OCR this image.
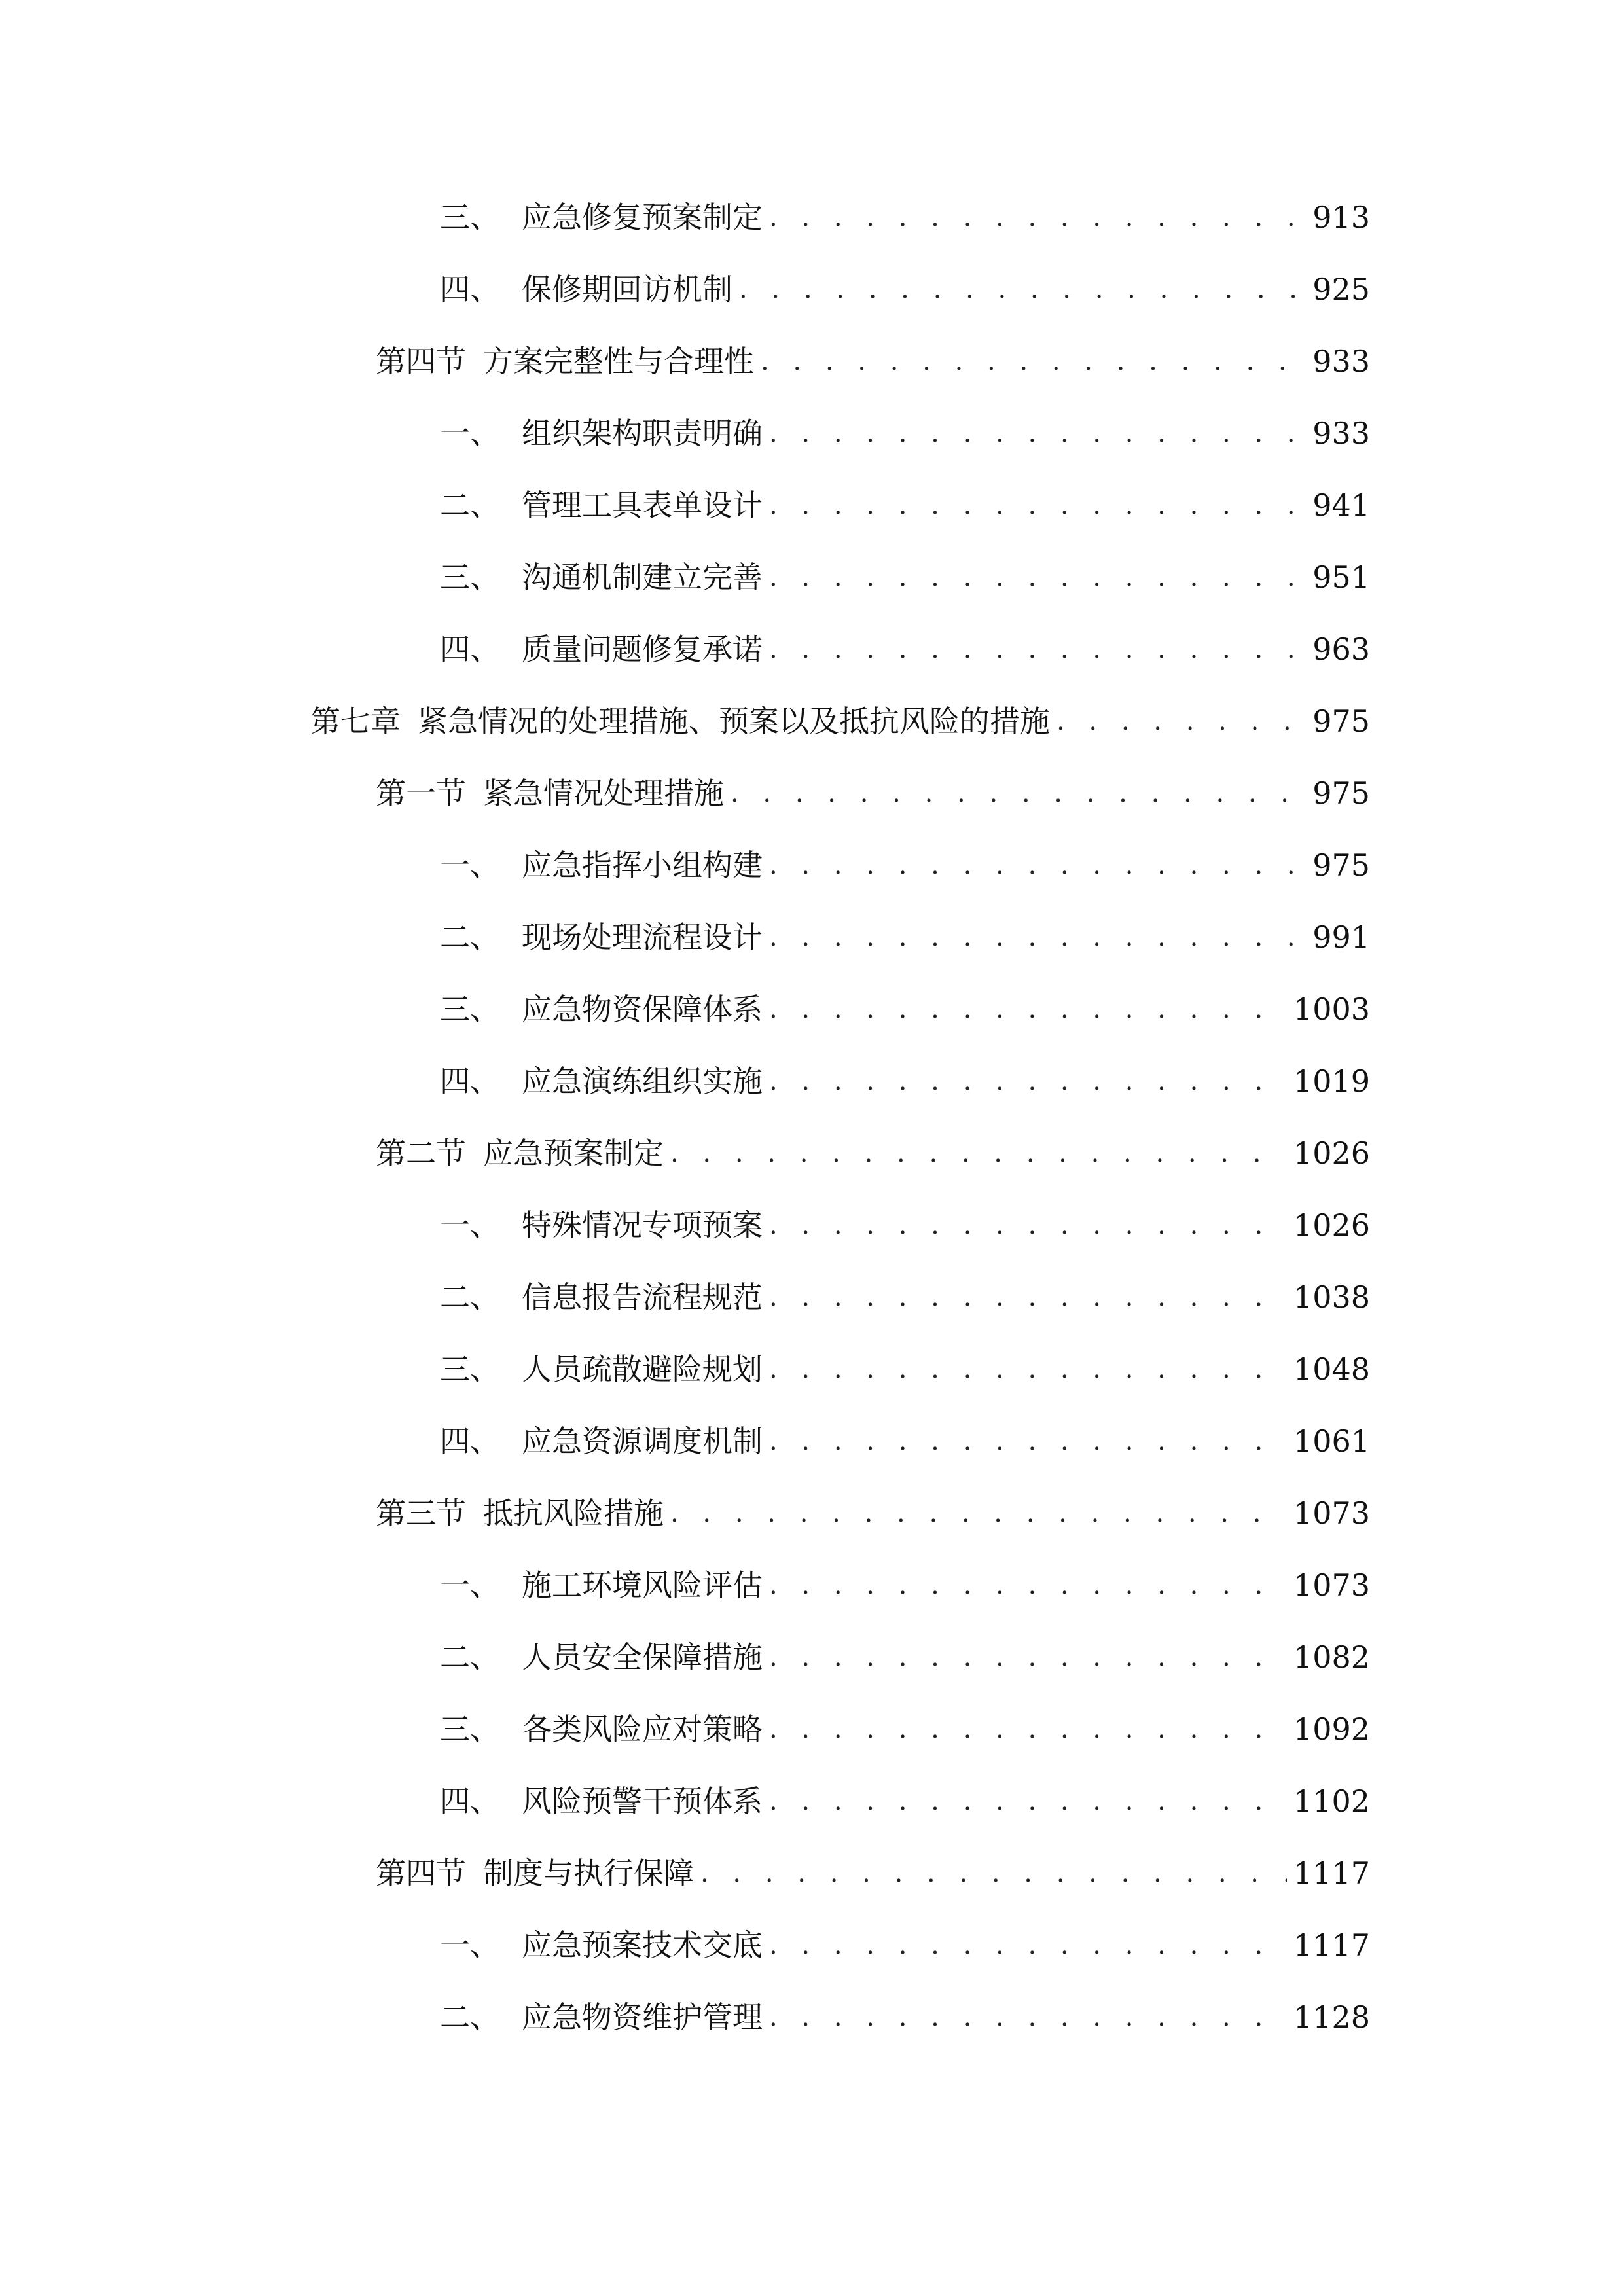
三、 应急修复预案制定 . . .	913
四、 保修期回访机制 . . .	925
第四节 方案完整性与合理性 . . .	933
一、 组织架构职责明确 . . .	933
二、 管理工具表单设计 . . .	941
三、 沟通机制建立完善 . . .	951
四、 质量问题修复承诺 . . .	963
第七章 紧急情况的处理措施、预案以及抵抗风险的措施 . . .	975
第一节 紧急情况处理措施 . . .	975
一、 应急指挥小组构建 . . .	975
二、 现场处理流程设计 . . .	991
三、 应急物资保障体系 . . .	1003
四、 应急演练组织实施 . . .	1019
第二节 应急预案制定 . . .	1026
一、 特殊情况专项预案 . . .	1026
二、 信息报告流程规范 . . .	1038
三、 人员疏散避险规划 . . .	1048
四、 应急资源调度机制 . . .	1061
第三节 抵抗风险措施 . . .	1073
一、 施工环境风险评估 . . .	1073
二、 人员安全保障措施 . . .	1082
三、 各类风险应对策略 . . .	1092
四、 风险预警干预体系 . . .	1102
第四节 制度与执行保障 . . .	1117
一、 应急预案技术交底 . . .	1117
二、 应急物资维护管理 . . .	1128
